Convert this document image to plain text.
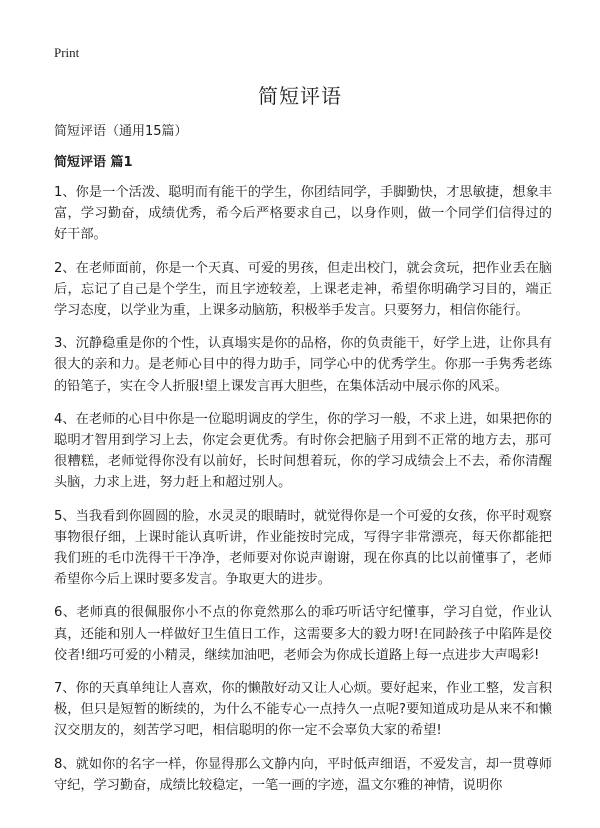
Print
简短评语

简短评语（通用15篇）

简短评语 篇1

1、你是一个活泼、聪明而有能干的学生，你团结同学，手脚勤快，才思敏捷，想象丰富，学习勤奋，成绩优秀，希今后严格要求自己，以身作则，做一个同学们信得过的好干部。

2、在老师面前，你是一个天真、可爱的男孩，但走出校门，就会贪玩，把作业丢在脑后，忘记了自己是个学生，而且字迹较差，上课老走神，希望你明确学习目的，端正学习态度，以学业为重，上课多动脑筋，积极举手发言。只要努力，相信你能行。

3、沉静稳重是你的个性，认真塌实是你的品格，你的负责能干，好学上进，让你具有很大的亲和力。是老师心目中的得力助手，同学心中的优秀学生。你那一手隽秀老练的铅笔子，实在令人折服!望上课发言再大胆些，在集体活动中展示你的风采。

4、在老师的心目中你是一位聪明调皮的学生，你的学习一般，不求上进，如果把你的聪明才智用到学习上去，你定会更优秀。有时你会把脑子用到不正常的地方去，那可很糟糕，老师觉得你没有以前好，长时间想着玩，你的学习成绩会上不去，希你清醒头脑，力求上进，努力赶上和超过别人。

5、当我看到你圆圆的脸，水灵灵的眼睛时，就觉得你是一个可爱的女孩，你平时观察事物很仔细，上课时能认真听讲，作业能按时完成，写得字非常漂亮，每天你都能把我们班的毛巾洗得干干净净，老师要对你说声谢谢，现在你真的比以前懂事了，老师希望你今后上课时要多发言。争取更大的进步。

6、老师真的很佩服你小不点的你竟然那么的乖巧听话守纪懂事，学习自觉，作业认真，还能和别人一样做好卫生值日工作，这需要多大的毅力呀!在同龄孩子中陷阵是佼佼者!细巧可爱的小精灵，继续加油吧，老师会为你成长道路上每一点进步大声喝彩!

7、你的天真单纯让人喜欢，你的懒散好动又让人心烦。要好起来，作业工整，发言积极，但只是短暂的断续的，为什么不能专心一点持久一点呢?要知道成功是从来不和懒汉交朋友的，刻苦学习吧，相信聪明的你一定不会辜负大家的希望!

8、就如你的名字一样，你显得那么文静内向，平时低声细语，不爱发言，却一贯尊师守纪，学习勤奋，成绩比较稳定，一笔一画的字迹，温文尔雅的神情，说明你
